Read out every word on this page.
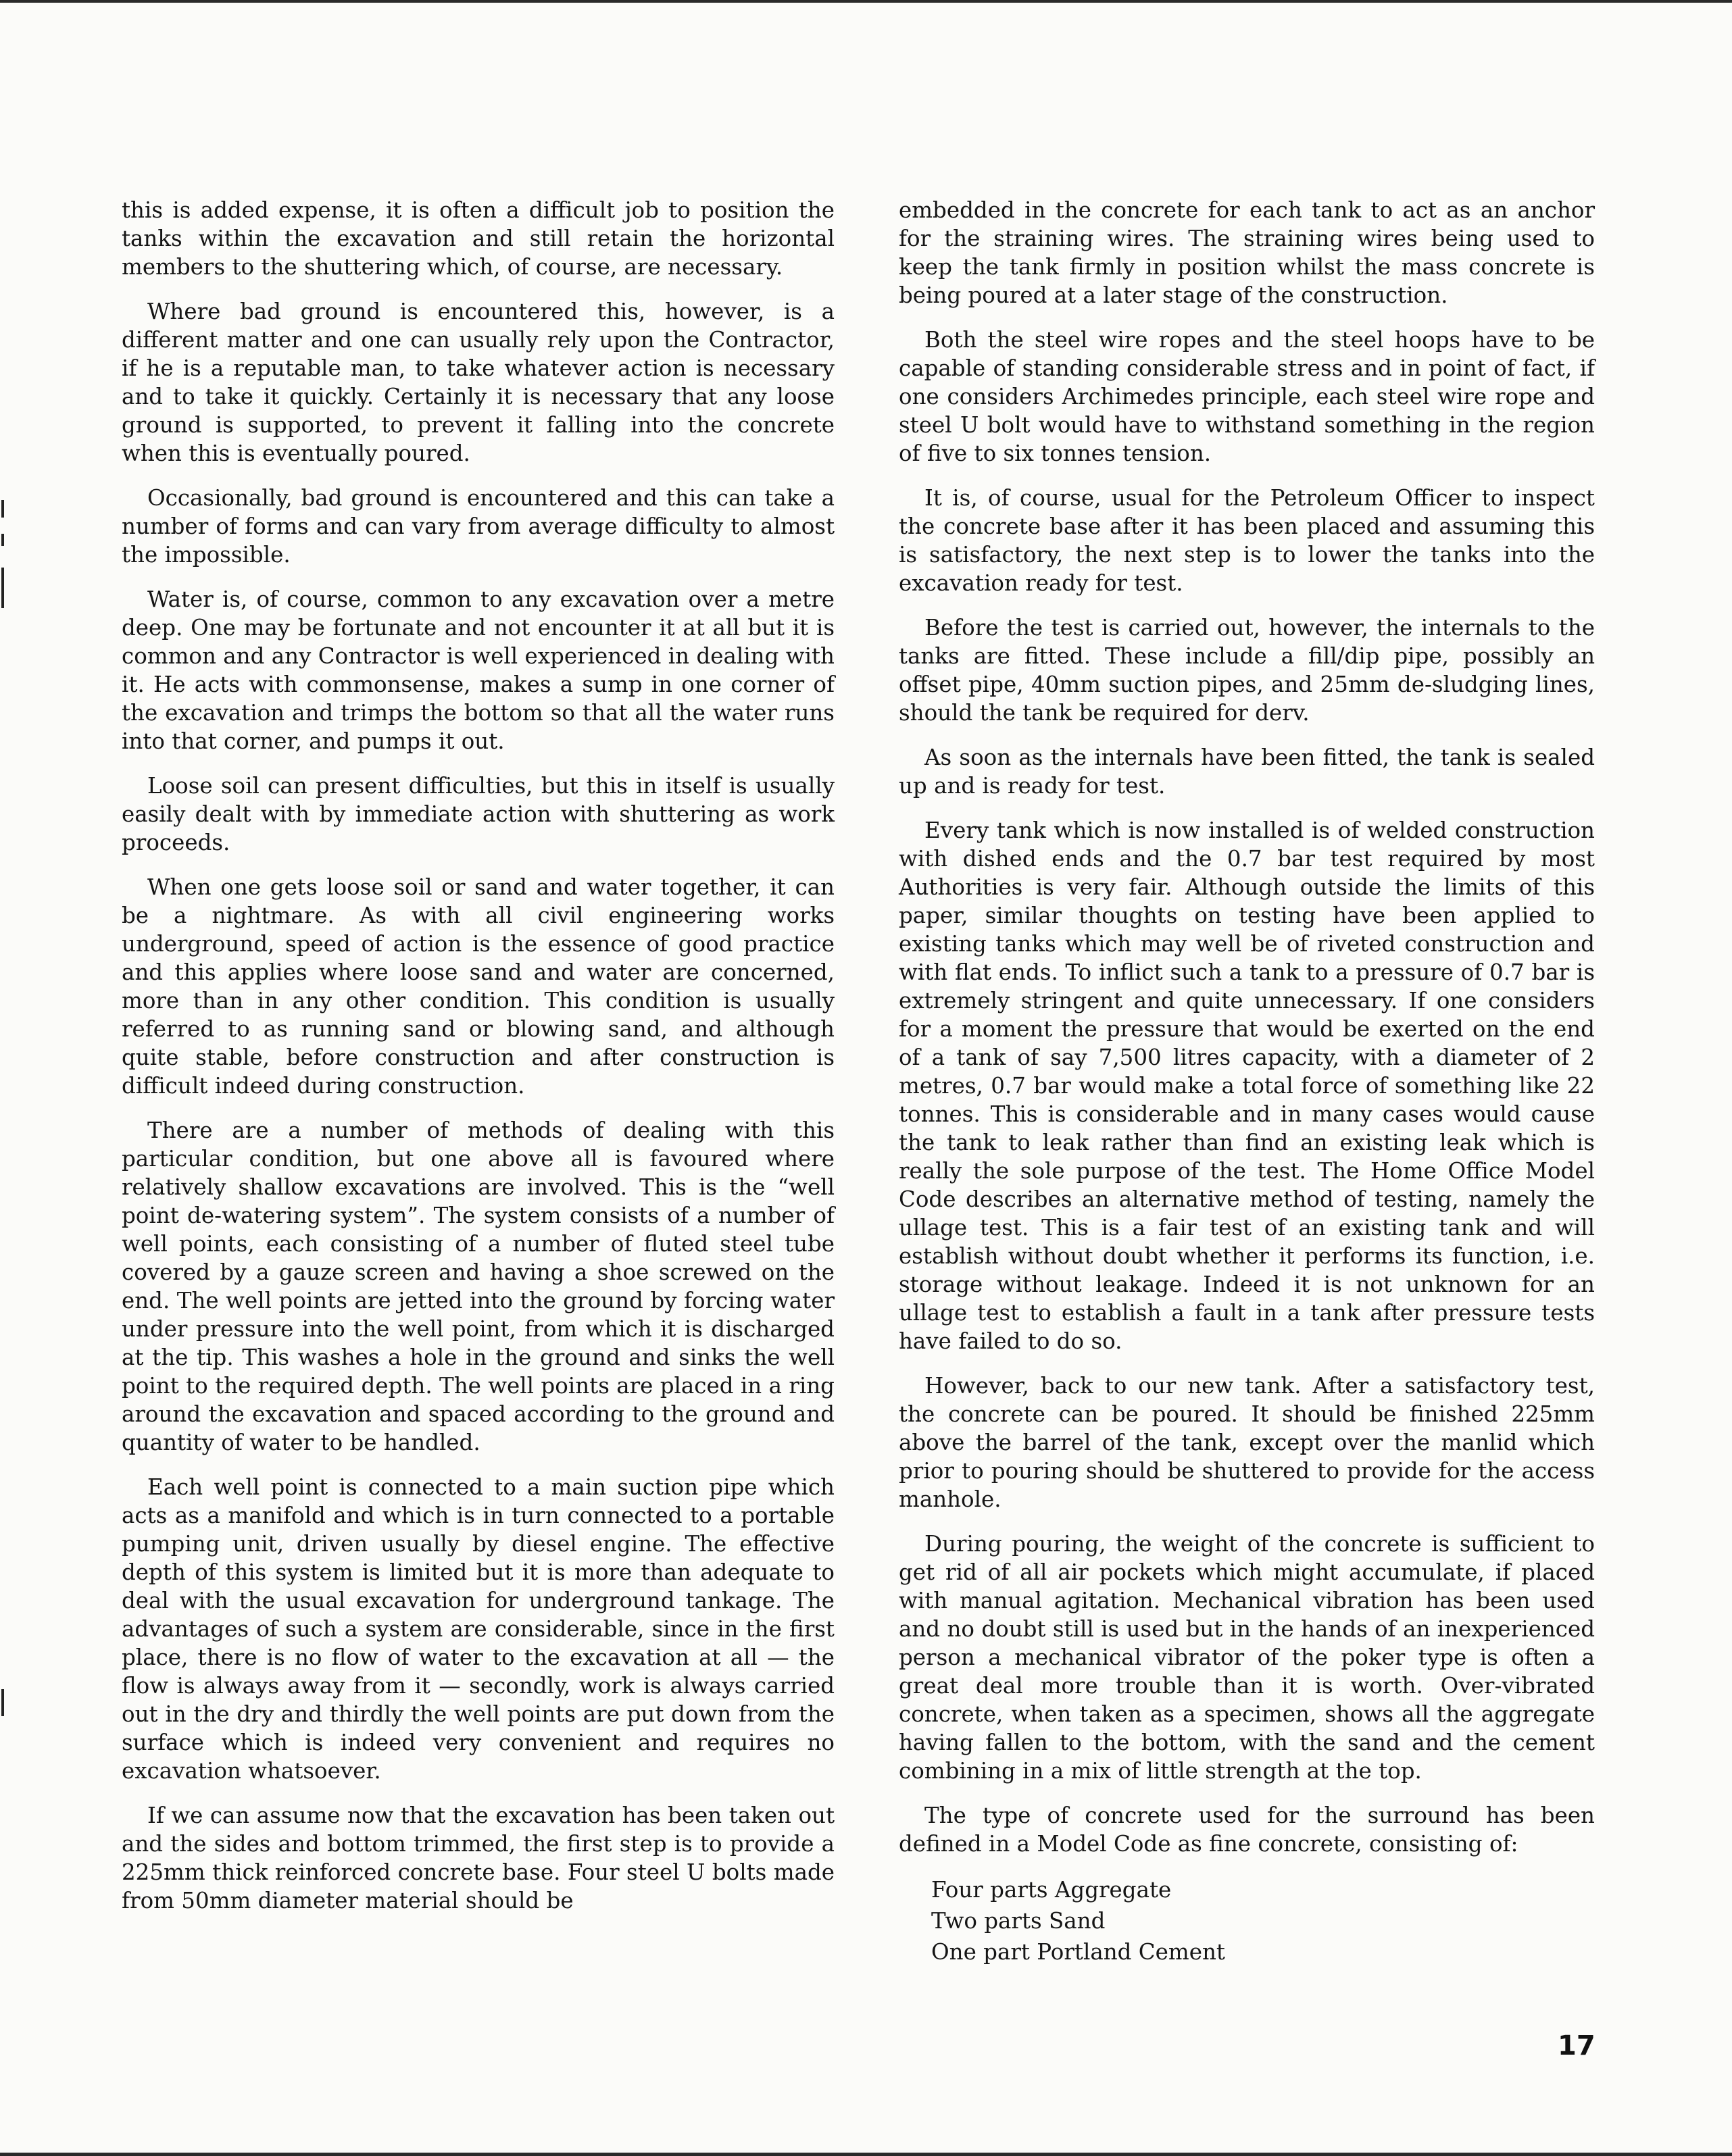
this is added expense, it is often a difficult job to position the tanks within the excavation and still retain the horizontal members to the shuttering which, of course, are necessary.

Where bad ground is encountered this, however, is a different matter and one can usually rely upon the Contractor, if he is a reputable man, to take whatever action is necessary and to take it quickly. Certainly it is necessary that any loose ground is supported, to prevent it falling into the concrete when this is eventually poured.

Occasionally, bad ground is encountered and this can take a number of forms and can vary from average difficulty to almost the impossible.

Water is, of course, common to any excavation over a metre deep. One may be fortunate and not encounter it at all but it is common and any Contractor is well experienced in dealing with it. He acts with commonsense, makes a sump in one corner of the excavation and trimps the bottom so that all the water runs into that corner, and pumps it out.

Loose soil can present difficulties, but this in itself is usually easily dealt with by immediate action with shuttering as work proceeds.

When one gets loose soil or sand and water together, it can be a nightmare. As with all civil engineering works underground, speed of action is the essence of good practice and this applies where loose sand and water are concerned, more than in any other condition. This condition is usually referred to as running sand or blowing sand, and although quite stable, before construction and after construction is difficult indeed during construction.

There are a number of methods of dealing with this particular condition, but one above all is favoured where relatively shallow excavations are involved. This is the “well point de-watering system”. The system consists of a number of well points, each consisting of a number of fluted steel tube covered by a gauze screen and having a shoe screwed on the end. The well points are jetted into the ground by forcing water under pressure into the well point, from which it is discharged at the tip. This washes a hole in the ground and sinks the well point to the required depth. The well points are placed in a ring around the excavation and spaced according to the ground and quantity of water to be handled.

Each well point is connected to a main suction pipe which acts as a manifold and which is in turn connected to a portable pumping unit, driven usually by diesel engine. The effective depth of this system is limited but it is more than adequate to deal with the usual excavation for underground tankage. The advantages of such a system are considerable, since in the first place, there is no flow of water to the excavation at all — the flow is always away from it — secondly, work is always carried out in the dry and thirdly the well points are put down from the surface which is indeed very convenient and requires no excavation whatsoever.

If we can assume now that the excavation has been taken out and the sides and bottom trimmed, the first step is to provide a 225mm thick reinforced concrete base. Four steel U bolts made from 50mm diameter material should be

embedded in the concrete for each tank to act as an anchor for the straining wires. The straining wires being used to keep the tank firmly in position whilst the mass concrete is being poured at a later stage of the construction.

Both the steel wire ropes and the steel hoops have to be capable of standing considerable stress and in point of fact, if one considers Archimedes principle, each steel wire rope and steel U bolt would have to withstand something in the region of five to six tonnes tension.

It is, of course, usual for the Petroleum Officer to inspect the concrete base after it has been placed and assuming this is satisfactory, the next step is to lower the tanks into the excavation ready for test.

Before the test is carried out, however, the internals to the tanks are fitted. These include a fill/dip pipe, possibly an offset pipe, 40mm suction pipes, and 25mm de-sludging lines, should the tank be required for derv.

As soon as the internals have been fitted, the tank is sealed up and is ready for test.

Every tank which is now installed is of welded construction with dished ends and the 0.7 bar test required by most Authorities is very fair. Although outside the limits of this paper, similar thoughts on testing have been applied to existing tanks which may well be of riveted construction and with flat ends. To inflict such a tank to a pressure of 0.7 bar is extremely stringent and quite unnecessary. If one considers for a moment the pressure that would be exerted on the end of a tank of say 7,500 litres capacity, with a diameter of 2 metres, 0.7 bar would make a total force of something like 22 tonnes. This is considerable and in many cases would cause the tank to leak rather than find an existing leak which is really the sole purpose of the test. The Home Office Model Code describes an alternative method of testing, namely the ullage test. This is a fair test of an existing tank and will establish without doubt whether it performs its function, i.e. storage without leakage. Indeed it is not unknown for an ullage test to establish a fault in a tank after pressure tests have failed to do so.

However, back to our new tank. After a satisfactory test, the concrete can be poured. It should be finished 225mm above the barrel of the tank, except over the manlid which prior to pouring should be shuttered to provide for the access manhole.

During pouring, the weight of the concrete is sufficient to get rid of all air pockets which might accumulate, if placed with manual agitation. Mechanical vibration has been used and no doubt still is used but in the hands of an inexperienced person a mechanical vibrator of the poker type is often a great deal more trouble than it is worth. Over-vibrated concrete, when taken as a specimen, shows all the aggregate having fallen to the bottom, with the sand and the cement combining in a mix of little strength at the top.

The type of concrete used for the surround has been defined in a Model Code as fine concrete, consisting of:

Four parts Aggregate
Two parts Sand
One part Portland Cement
17
